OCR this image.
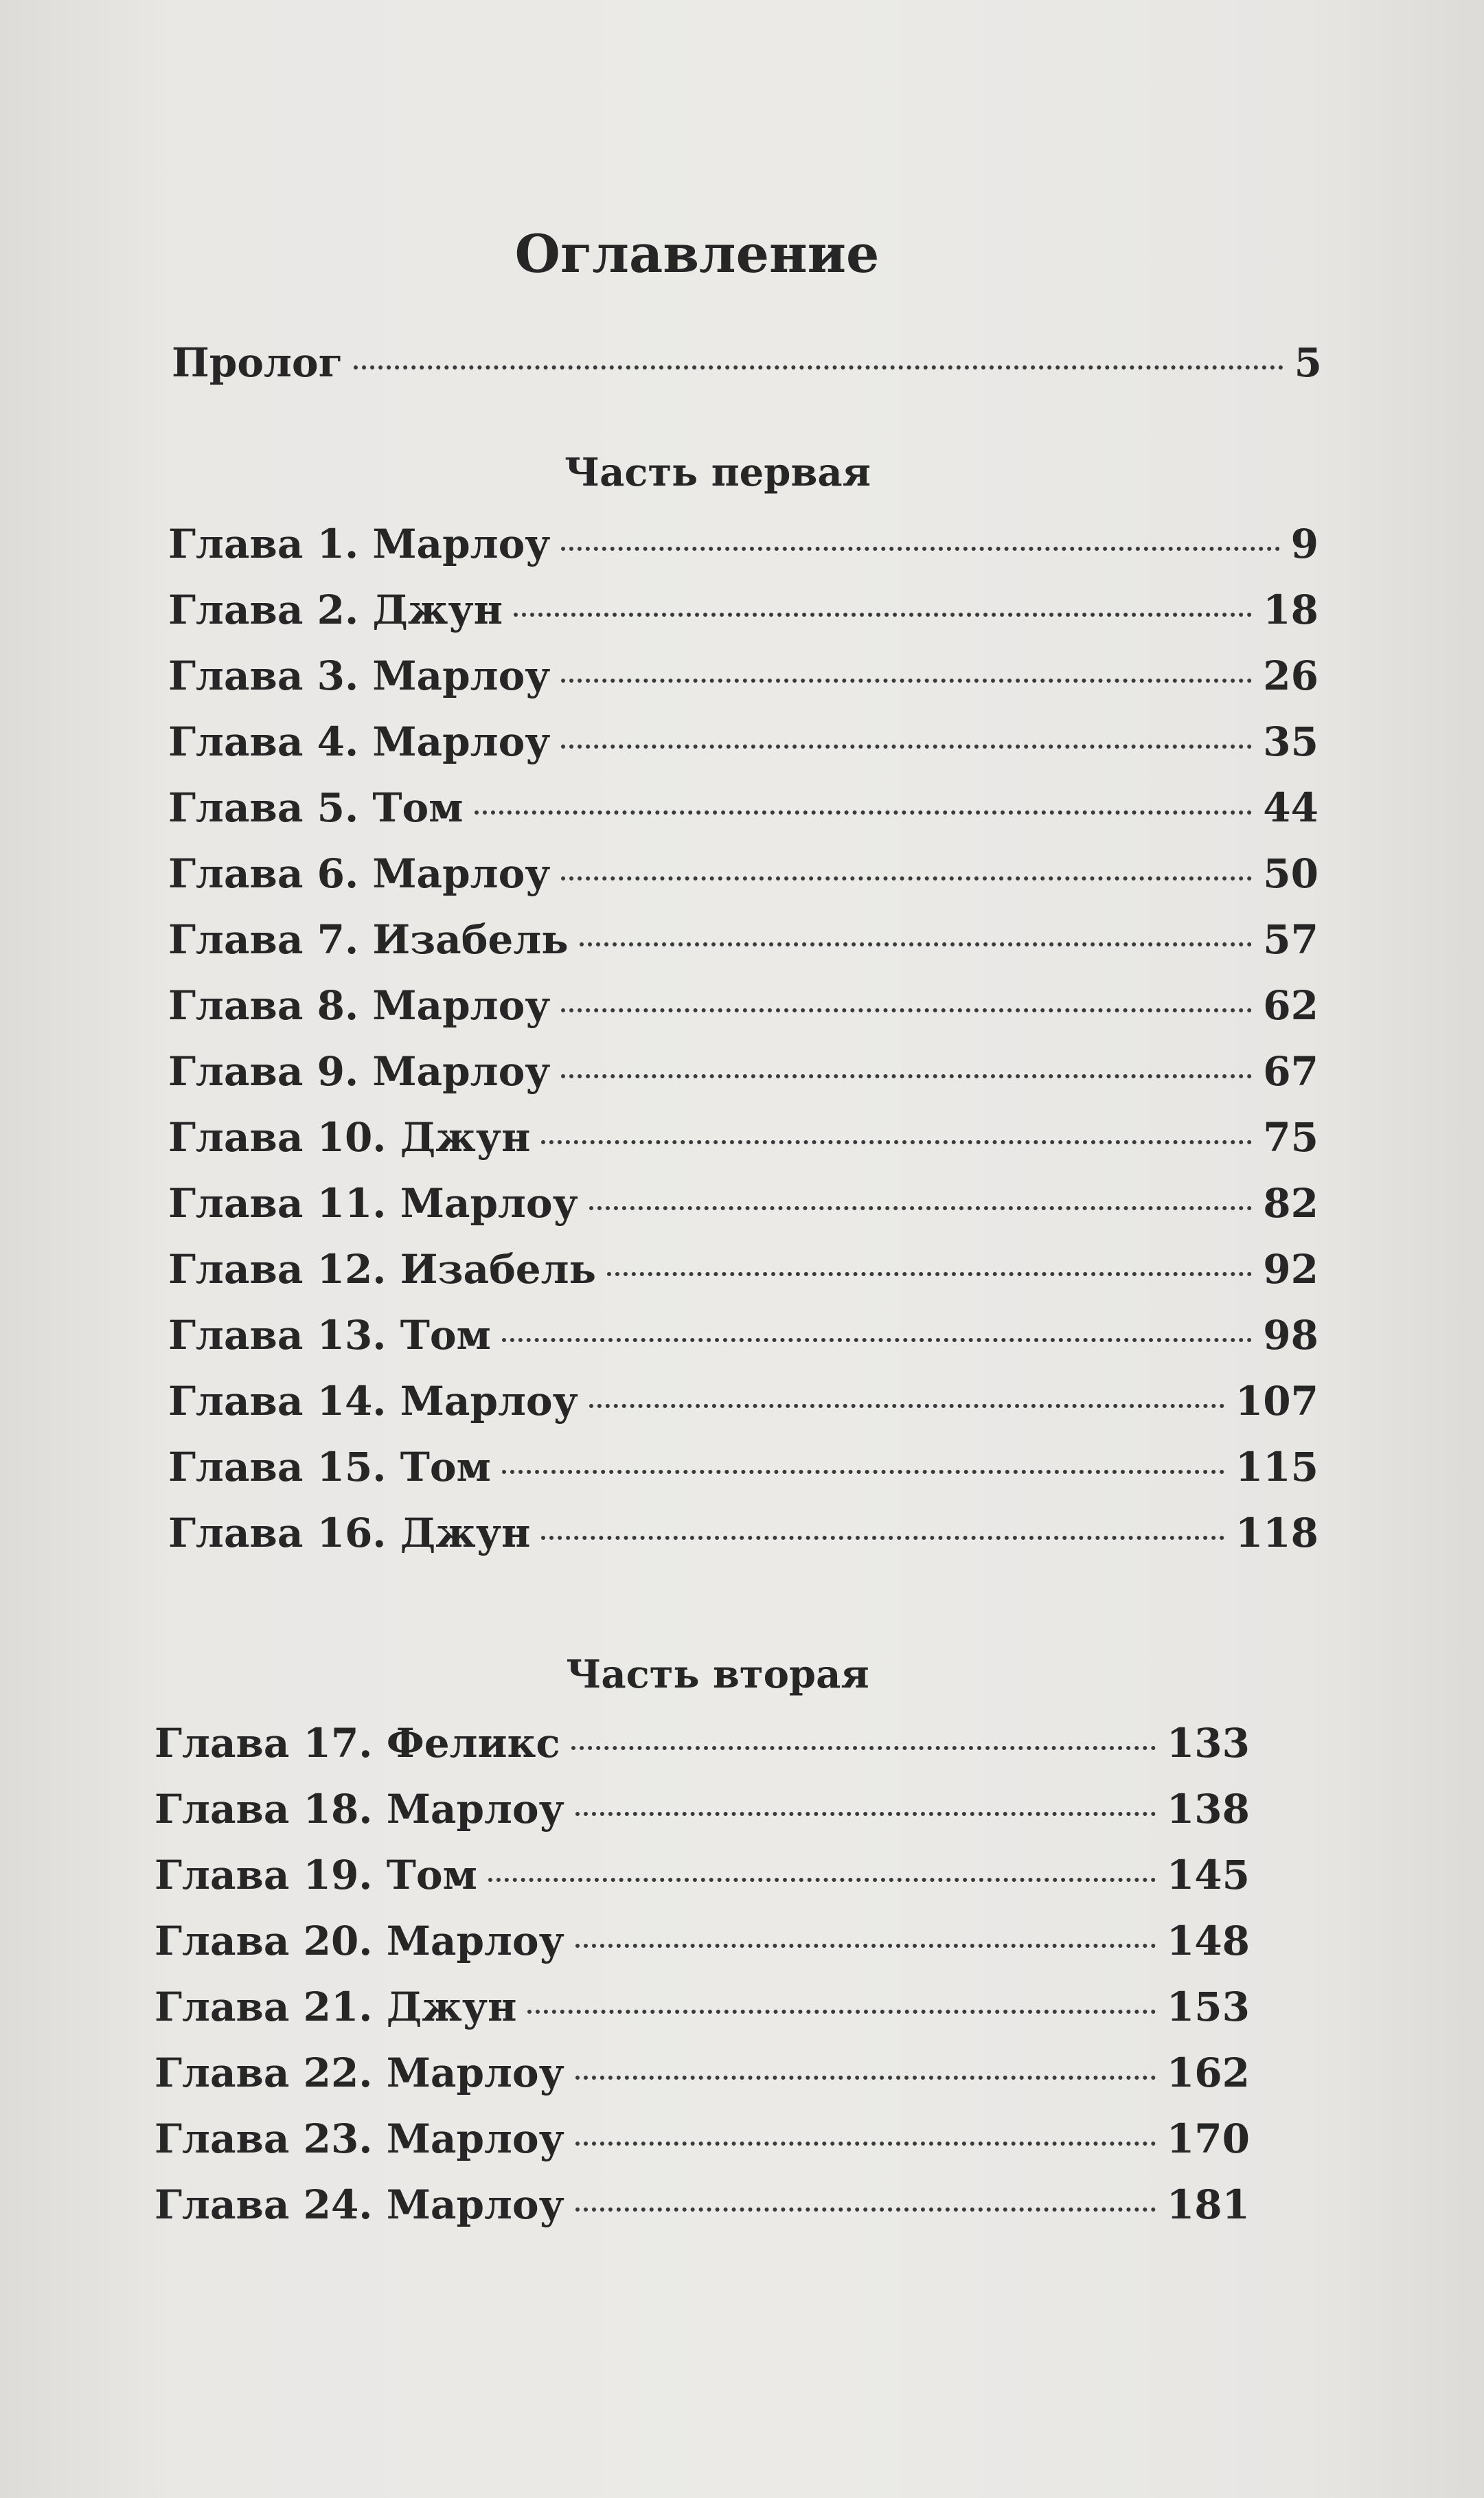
Оглавление
Пролог	5
Часть первая
Глава 1. Марлоу	9
Глава 2. Джун	18
Глава 3. Марлоу	26
Глава 4. Марлоу	35
Глава 5. Том	44
Глава 6. Марлоу	50
Глава 7. Изабель	57
Глава 8. Марлоу	62
Глава 9. Марлоу	67
Глава 10. Джун	75
Глава 11. Марлоу	82
Глава 12. Изабель	92
Глава 13. Том	98
Глава 14. Марлоу	107
Глава 15. Том	115
Глава 16. Джун	118
Часть вторая
Глава 17. Феликс	133
Глава 18. Марлоу	138
Глава 19. Том	145
Глава 20. Марлоу	148
Глава 21. Джун	153
Глава 22. Марлоу	162
Глава 23. Марлоу	170
Глава 24. Марлоу	181
